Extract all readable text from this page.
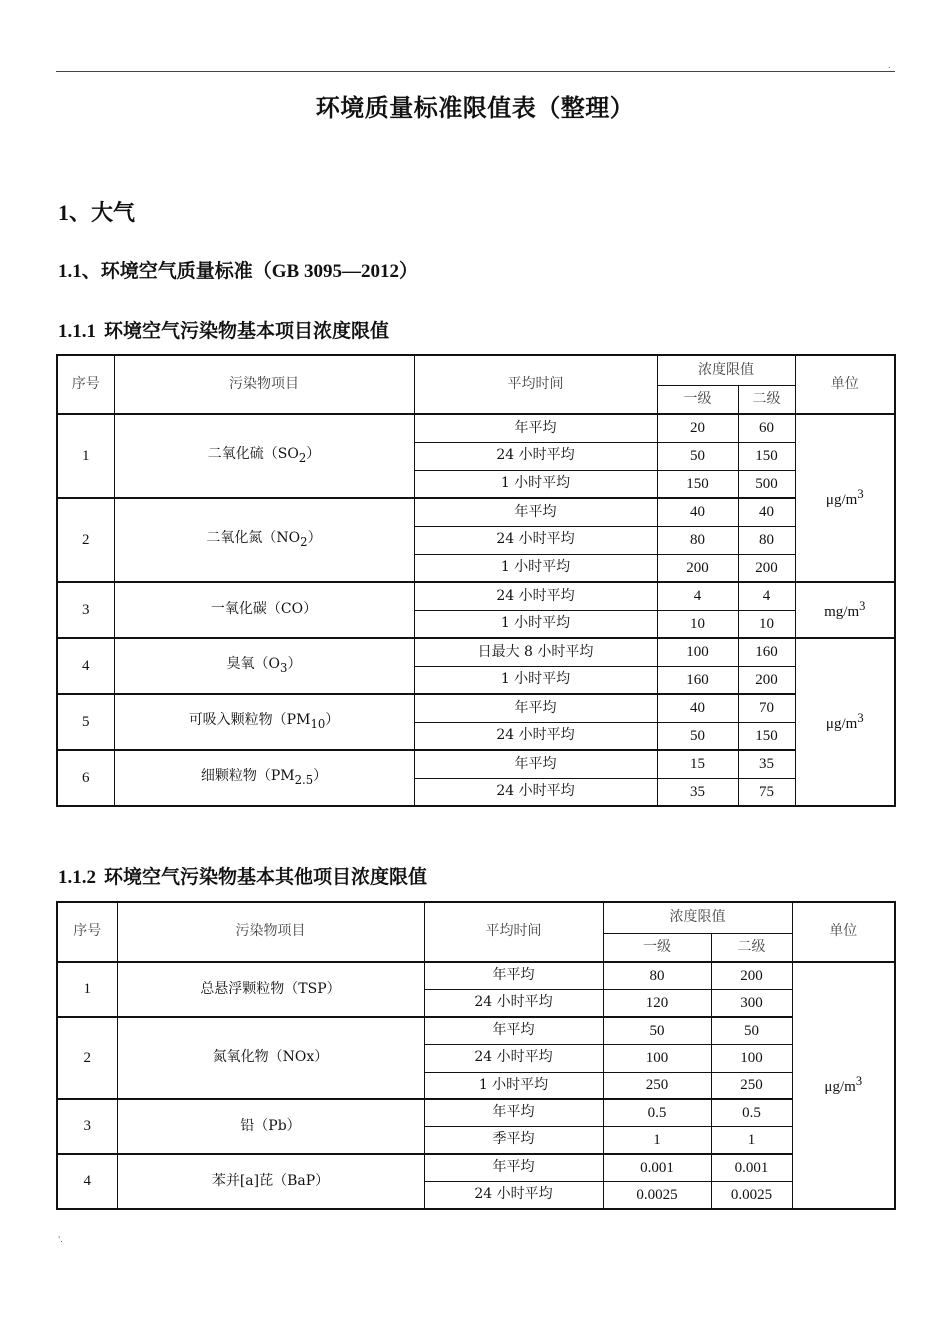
.
环境质量标准限值表（整理）
1、大气
1.1、环境空气质量标准（GB 3095—2012）
1.1.1 环境空气污染物基本项目浓度限值
序号	污染物项目	平均时间	浓度限值		单位
			一级	二级	
1	二氧化硫$(SO_2)$	年平均	20	60	$\mu g/m^3$
		24 小时平均	50	150	
		1 小时平均	150	500	
2	二氧化氮$(NO_2)$	年平均	40	40	
		24 小时平均	80	80	
		1 小时平均	200	200	
3	一氧化碳（CO）	24 小时平均	4	4	$mg/m^3$
		1 小时平均	10	10	
4	臭氧$(O_3)$	日最大 8 小时平均	100	160	$\mu g/m^3$
		1 小时平均	160	200	
5	可吸入颗粒物$(PM_{10})$	年平均	40	70	
		24 小时平均	50	150	
6	细颗粒物$(PM_{2.5})$	年平均	15	35	
		24 小时平均	35	75	
1.1.2 环境空气污染物基本其他项目浓度限值
序号	污染物项目	平均时间	浓度限值		单位
			一级	二级	
1	总悬浮颗粒物（TSP）	年平均	80	200	$\mu g/m^3$
		24 小时平均	120	300	
2	氮氧化物（NOx）	年平均	50	50	
		24 小时平均	100	100	
		1 小时平均	250	250	
3	铅（Pb）	年平均	0.5	0.5	
		季平均	1	1	
4	苯并[a]芘（BaP）	年平均	0.001	0.001	
		24 小时平均	0.0025	0.0025	
'.
